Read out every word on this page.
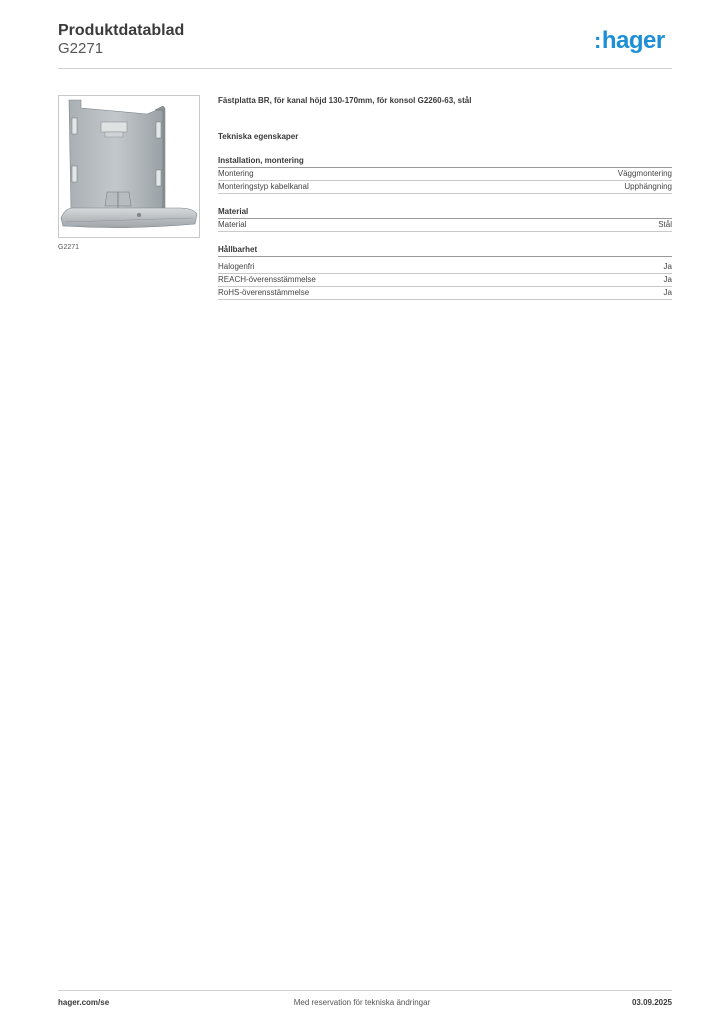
Produktdatablad
G2271	:hager
G2271
Fästplatta BR, för kanal höjd 130-170mm, för konsol G2260-63, stål
Tekniska egenskaper
Installation, montering
Montering	Väggmontering
Monteringstyp kabelkanal	Upphängning
Material
Material	Stål
Hållbarhet
Halogenfri	Ja
REACH-överensstämmelse	Ja
RoHS-överensstämmelse	Ja
hager.com/se	Med reservation för tekniska ändringar	03.09.2025
